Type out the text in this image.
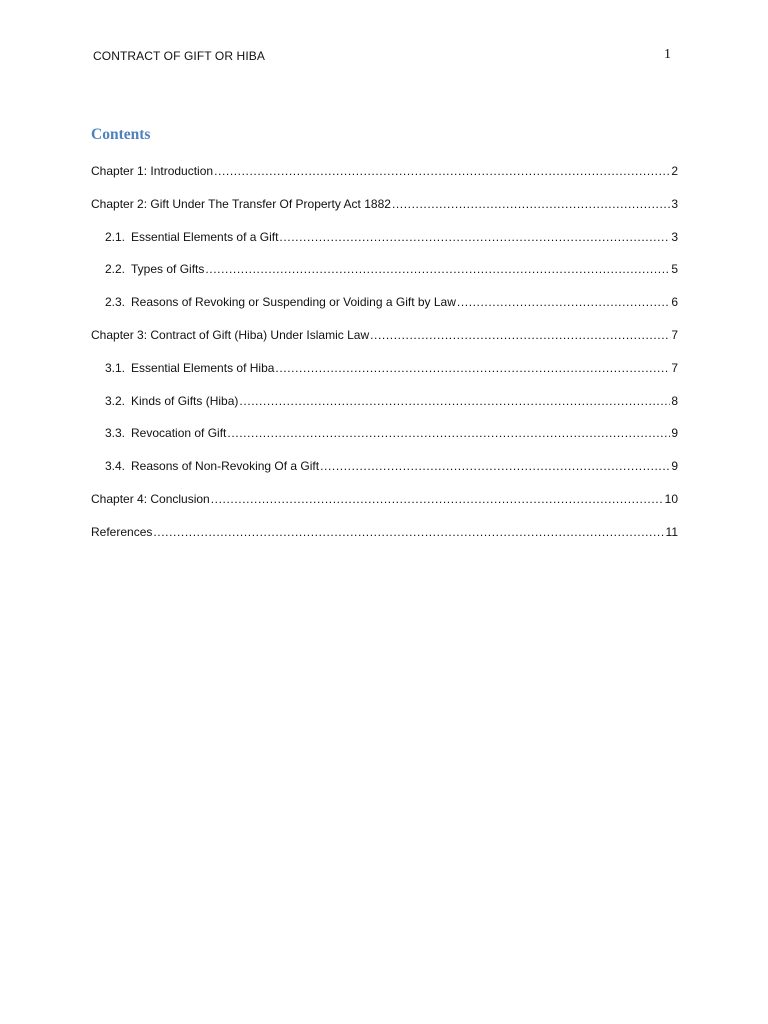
CONTRACT OF GIFT OR HIBA	1
Contents
Chapter 1: Introduction .....	2
Chapter 2: Gift Under The Transfer Of Property Act 1882 .....	3
2.1. Essential Elements of a Gift .....	3
2.2. Types of Gifts .....	5
2.3. Reasons of Revoking or Suspending or Voiding a Gift by Law .....	6
Chapter 3: Contract of Gift (Hiba) Under Islamic Law .....	7
3.1. Essential Elements of Hiba .....	7
3.2. Kinds of Gifts (Hiba) .....	8
3.3. Revocation of Gift .....	9
3.4. Reasons of Non-Revoking Of a Gift .....	9
Chapter 4: Conclusion .....	10
References .....	11
